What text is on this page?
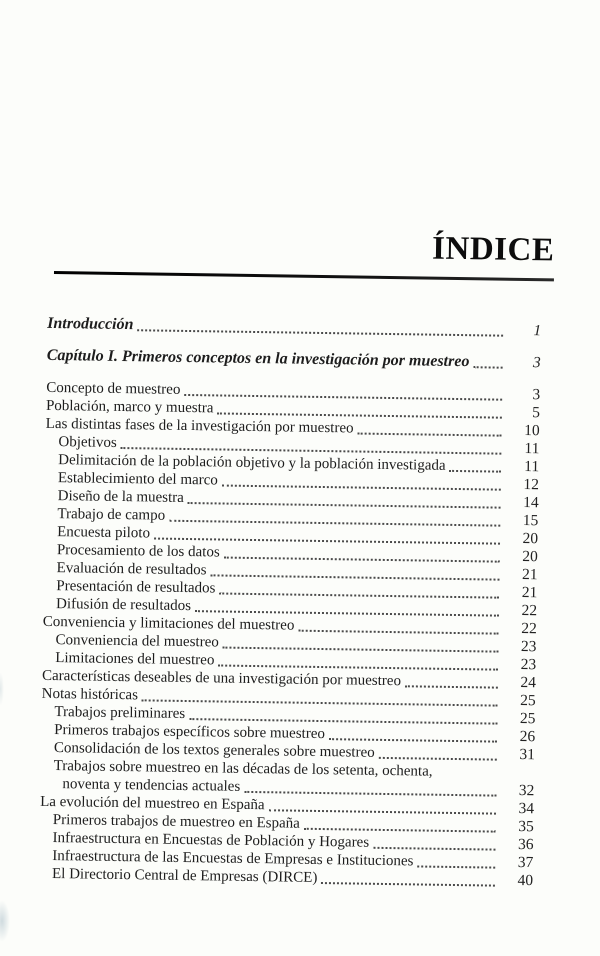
ÍNDICE
Introducción	1
Capítulo I. Primeros conceptos en la investigación por muestreo	3
Concepto de muestreo	3
Población, marco y muestra	5
Las distintas fases de la investigación por muestreo	10
Objetivos	11
Delimitación de la población objetivo y la población investigada	11
Establecimiento del marco	12
Diseño de la muestra	14
Trabajo de campo	15
Encuesta piloto	20
Procesamiento de los datos	20
Evaluación de resultados	21
Presentación de resultados	21
Difusión de resultados	22
Conveniencia y limitaciones del muestreo	22
Conveniencia del muestreo	23
Limitaciones del muestreo	23
Características deseables de una investigación por muestreo	24
Notas históricas	25
Trabajos preliminares	25
Primeros trabajos específicos sobre muestreo	26
Consolidación de los textos generales sobre muestreo	31
Trabajos sobre muestreo en las décadas de los setenta, ochenta,
noventa y tendencias actuales	32
La evolución del muestreo en España	34
Primeros trabajos de muestreo en España	35
Infraestructura en Encuestas de Población y Hogares	36
Infraestructura de las Encuestas de Empresas e Instituciones	37
El Directorio Central de Empresas (DIRCE)	40
